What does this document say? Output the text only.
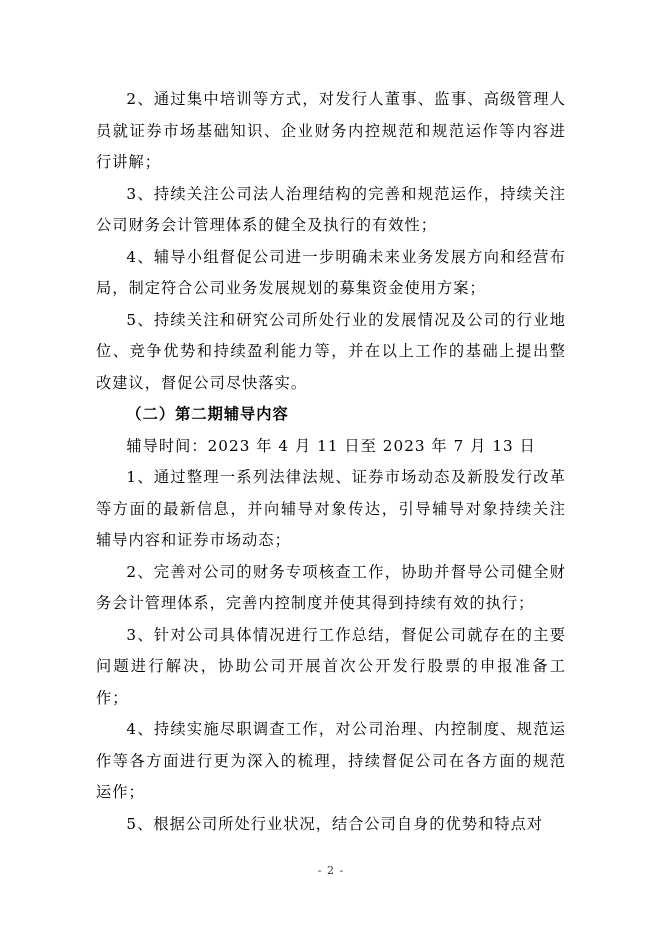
2、通过集中培训等方式，对发行人董事、监事、高级管理人员就证券市场基础知识、企业财务内控规范和规范运作等内容进行讲解；

3、持续关注公司法人治理结构的完善和规范运作，持续关注公司财务会计管理体系的健全及执行的有效性；

4、辅导小组督促公司进一步明确未来业务发展方向和经营布局，制定符合公司业务发展规划的募集资金使用方案；

5、持续关注和研究公司所处行业的发展情况及公司的行业地位、竞争优势和持续盈利能力等，并在以上工作的基础上提出整改建议，督促公司尽快落实。

（二）第二期辅导内容

辅导时间：2023 年 4 月 11 日至 2023 年 7 月 13 日

1、通过整理一系列法律法规、证券市场动态及新股发行改革等方面的最新信息，并向辅导对象传达，引导辅导对象持续关注辅导内容和证券市场动态；

2、完善对公司的财务专项核查工作，协助并督导公司健全财务会计管理体系，完善内控制度并使其得到持续有效的执行；

3、针对公司具体情况进行工作总结，督促公司就存在的主要问题进行解决，协助公司开展首次公开发行股票的申报准备工作；

4、持续实施尽职调查工作，对公司治理、内控制度、规范运作等各方面进行更为深入的梳理，持续督促公司在各方面的规范运作；

5、根据公司所处行业状况，结合公司自身的优势和特点对

- 2 -
